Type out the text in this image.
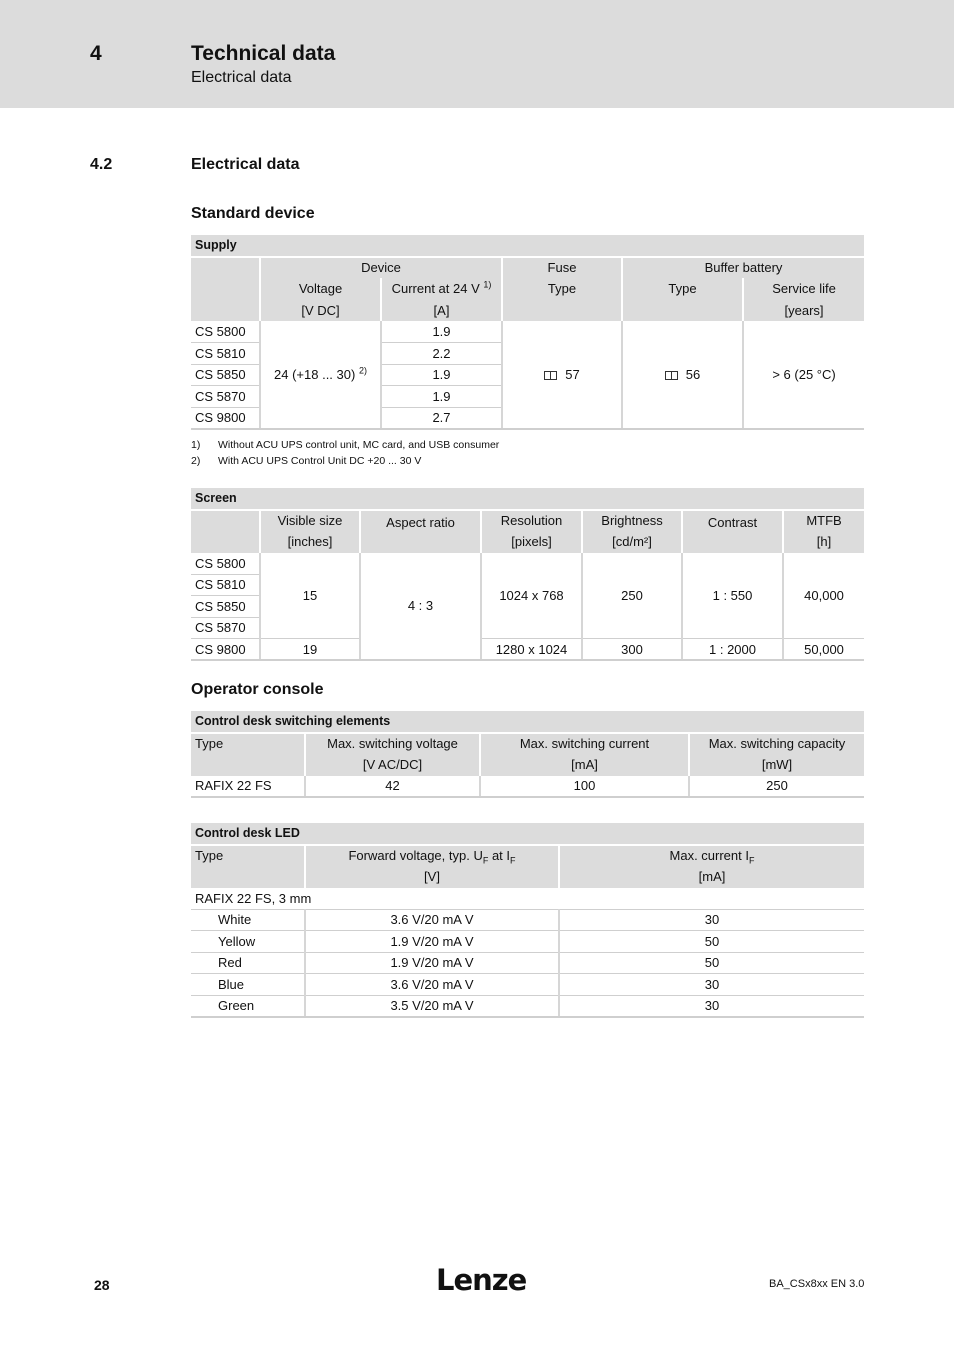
4	Technical data
Electrical data
4.2	Electrical data
Standard device
Supply					
	Device		Fuse	Buffer battery	
	Voltage	Current at 24 V $^{1)}$	Type	Type	Service life
	[V DC]	[A]			[years]
CS 5800	24 (+18 ... 30) $^{2)}$	1.9	57	56	> 6 (25 °C)
CS 5810		2.2			
CS 5850		1.9			
CS 5870		1.9			
CS 9800		2.7			
1) Without ACU UPS control unit, MC card, and USB consumer
2) With ACU UPS Control Unit DC +20 ... 30 V
Screen						
	Visible size	Aspect ratio	Resolution	Brightness	Contrast	MTFB
	[inches]		[pixels]	[cd/m²]		[h]
CS 5800	15	4 : 3	1024 x 768	250	1 : 550	40,000
CS 5810						
CS 5850						
CS 5870						
CS 9800	19		1280 x 1024	300	1 : 2000	50,000
Operator console
Control desk switching elements			
Type	Max. switching voltage	Max. switching current	Max. switching capacity
	[V AC/DC]	[mA]	[mW]
RAFIX 22 FS	42	100	250
Control desk LED		
Type	Forward voltage, typ. $U_F$ at $I_F$	Max. current $I_F$
	[V]	[mA]
RAFIX 22 FS, 3 mm		
White	3.6 V/20 mA V	30
Yellow	1.9 V/20 mA V	50
Red	1.9 V/20 mA V	50
Blue	3.6 V/20 mA V	30
Green	3.5 V/20 mA V	30
28	Lenze	BA_CSx8xx EN 3.0
